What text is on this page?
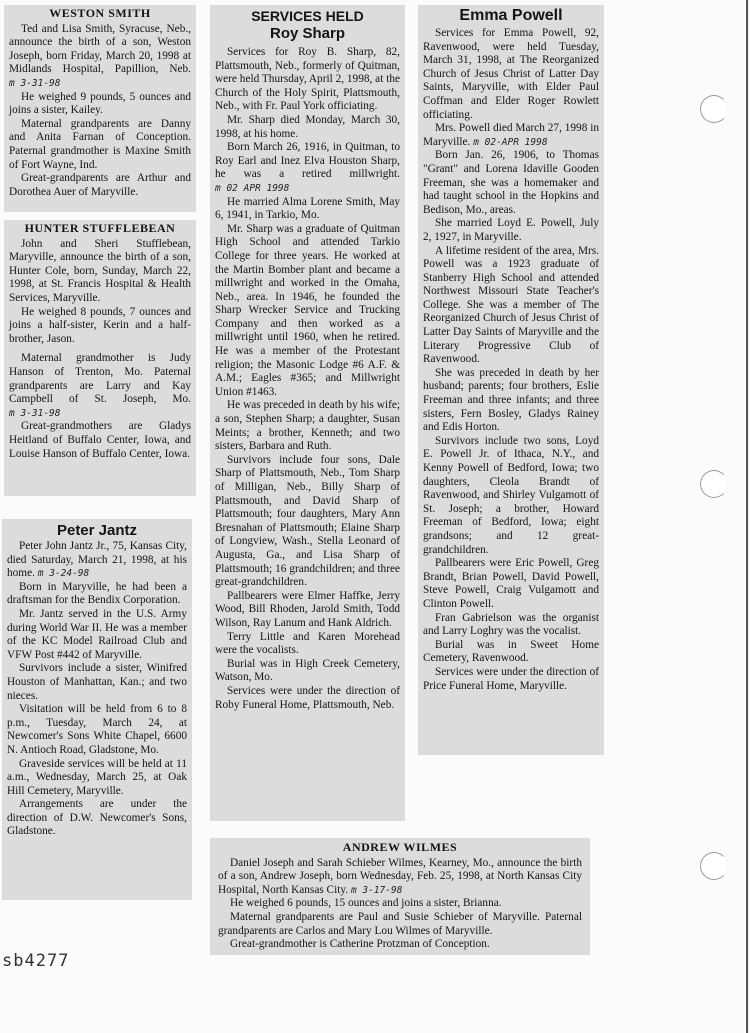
WESTON SMITH

Ted and Lisa Smith, Syracuse, Neb., announce the birth of a son, Weston Joseph, born Friday, March 20, 1998 at Midlands Hospital, Papillion, Neb. m 3-31-98

He weighed 9 pounds, 5 ounces and joins a sister, Kailey.

Maternal grandparents are Danny and Anita Farnan of Conception. Paternal grandmother is Maxine Smith of Fort Wayne, Ind.

Great-grandparents are Arthur and Dorothea Auer of Maryville.

HUNTER STUFFLEBEAN

John and Sheri Stufflebean, Maryville, announce the birth of a son, Hunter Cole, born, Sunday, March 22, 1998, at St. Francis Hospital & Health Services, Maryville.

He weighed 8 pounds, 7 ounces and joins a half-sister, Kerin and a half-brother, Jason.

Maternal grandmother is Judy Hanson of Trenton, Mo. Paternal grandparents are Larry and Kay Campbell of St. Joseph, Mo. m 3-31-98

Great-grandmothers are Gladys Heitland of Buffalo Center, Iowa, and Louise Hanson of Buffalo Center, Iowa.

Peter Jantz

Peter John Jantz Jr., 75, Kansas City, died Saturday, March 21, 1998, at his home. m 3-24-98

Born in Maryville, he had been a draftsman for the Bendix Corporation.

Mr. Jantz served in the U.S. Army during World War II. He was a member of the KC Model Railroad Club and VFW Post #442 of Maryville.

Survivors include a sister, Winifred Houston of Manhattan, Kan.; and two nieces.

Visitation will be held from 6 to 8 p.m., Tuesday, March 24, at Newcomer's Sons White Chapel, 6600 N. Antioch Road, Gladstone, Mo.

Graveside services will be held at 11 a.m., Wednesday, March 25, at Oak Hill Cemetery, Maryville.

Arrangements are under the direction of D.W. Newcomer's Sons, Gladstone.

SERVICES HELD

Roy Sharp

Services for Roy B. Sharp, 82, Plattsmouth, Neb., formerly of Quitman, were held Thursday, April 2, 1998, at the Church of the Holy Spirit, Plattsmouth, Neb., with Fr. Paul York officiating.

Mr. Sharp died Monday, March 30, 1998, at his home.

Born March 26, 1916, in Quitman, to Roy Earl and Inez Elva Houston Sharp, he was a retired millwright. m 02 APR 1998

He married Alma Lorene Smith, May 6, 1941, in Tarkio, Mo.

Mr. Sharp was a graduate of Quitman High School and attended Tarkio College for three years. He worked at the Martin Bomber plant and became a millwright and worked in the Omaha, Neb., area. In 1946, he founded the Sharp Wrecker Service and Trucking Company and then worked as a millwright until 1960, when he retired. He was a member of the Protestant religion; the Masonic Lodge #6 A.F. & A.M.; Eagles #365; and Millwright Union #1463.

He was preceded in death by his wife; a son, Stephen Sharp; a daughter, Susan Meints; a brother, Kenneth; and two sisters, Barbara and Ruth.

Survivors include four sons, Dale Sharp of Plattsmouth, Neb., Tom Sharp of Milligan, Neb., Billy Sharp of Plattsmouth, and David Sharp of Plattsmouth; four daughters, Mary Ann Bresnahan of Plattsmouth; Elaine Sharp of Longview, Wash., Stella Leonard of Augusta, Ga., and Lisa Sharp of Plattsmouth; 16 grandchildren; and three great-grandchildren.

Pallbearers were Elmer Haffke, Jerry Wood, Bill Rhoden, Jarold Smith, Todd Wilson, Ray Lanum and Hank Aldrich.

Terry Little and Karen Morehead were the vocalists.

Burial was in High Creek Cemetery, Watson, Mo.

Services were under the direction of Roby Funeral Home, Plattsmouth, Neb.

Emma Powell

Services for Emma Powell, 92, Ravenwood, were held Tuesday, March 31, 1998, at The Reorganized Church of Jesus Christ of Latter Day Saints, Maryville, with Elder Paul Coffman and Elder Roger Rowlett officiating.

Mrs. Powell died March 27, 1998 in Maryville. m 02-APR 1998

Born Jan. 26, 1906, to Thomas "Grant" and Lorena Idaville Gooden Freeman, she was a homemaker and had taught school in the Hopkins and Bedison, Mo., areas.

She married Loyd E. Powell, July 2, 1927, in Maryville.

A lifetime resident of the area, Mrs. Powell was a 1923 graduate of Stanberry High School and attended Northwest Missouri State Teacher's College. She was a member of The Reorganized Church of Jesus Christ of Latter Day Saints of Maryville and the Literary Progressive Club of Ravenwood.

She was preceded in death by her husband; parents; four brothers, Eslie Freeman and three infants; and three sisters, Fern Bosley, Gladys Rainey and Edis Horton.

Survivors include two sons, Loyd E. Powell Jr. of Ithaca, N.Y., and Kenny Powell of Bedford, Iowa; two daughters, Cleola Brandt of Ravenwood, and Shirley Vulgamott of St. Joseph; a brother, Howard Freeman of Bedford, Iowa; eight grandsons; and 12 great-grandchildren.

Pallbearers were Eric Powell, Greg Brandt, Brian Powell, David Powell, Steve Powell, Craig Vulgamott and Clinton Powell.

Fran Gabrielson was the organist and Larry Loghry was the vocalist.

Burial was in Sweet Home Cemetery, Ravenwood.

Services were under the direction of Price Funeral Home, Maryville.

ANDREW WILMES

Daniel Joseph and Sarah Schieber Wilmes, Kearney, Mo., announce the birth of a son, Andrew Joseph, born Wednesday, Feb. 25, 1998, at North Kansas City Hospital, North Kansas City. m 3-17-98

He weighed 6 pounds, 15 ounces and joins a sister, Brianna.

Maternal grandparents are Paul and Susie Schieber of Maryville. Paternal grandparents are Carlos and Mary Lou Wilmes of Maryville.

Great-grandmother is Catherine Protzman of Conception.

sb4277
